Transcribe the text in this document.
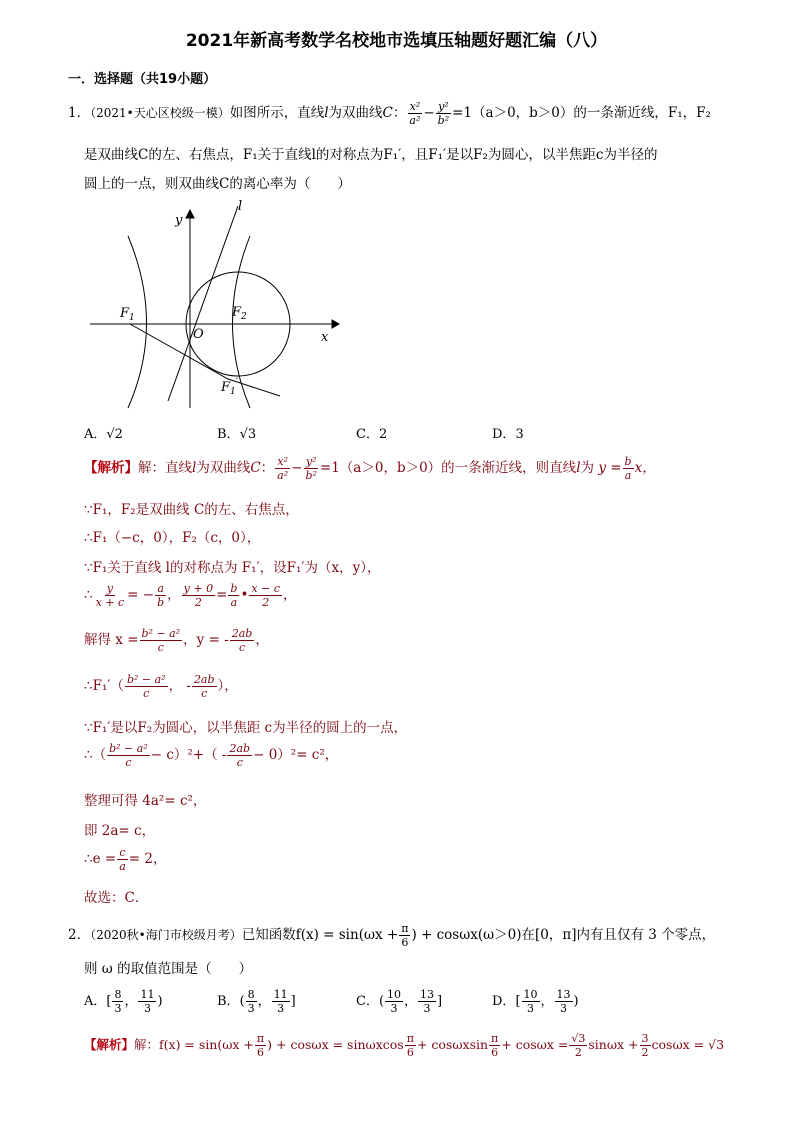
2021年新高考数学名校地市选填压轴题好题汇编（八）
一．选择题（共19小题）
1．（2021•天心区校级一模）如图所示，直线l为双曲线C： $\frac{\text{x²}}{\text{a²}} - \frac{\text{y²}}{\text{b²}} =1(a>0$，b＞0）的一条渐近线，F₁，F₂
是双曲线C的左、右焦点，F₁关于直线l的对称点为F₁′，且F₁′是以F₂为圆心，以半焦距c为半径的
圆上的一点，则双曲线C的离心率为（　　）
y
l
$F_1$	$F_2$
O	x
$F_1'$
A．√2	B．√3	C．2	D．3
【解析】解：直线l为双曲线C： $\frac{\text{x²}}{\text{a²}} - \frac{\text{y²}}{\text{b²}} =1(a>0$，b＞0）的一条渐近线，则直线l为 $y = \frac{b}{a}$ x，
∵F₁，F₂是双曲线 C的左、右焦点，
∴F₁（−c，0），F₂（c，0），
∵F₁关于直线 l的对称点为 F₁′，设F₁′为（x，y），
∴ $\frac{y}{x + c}$ = − $\frac{a}{b}$ ， $\frac{y + 0}{2} = \frac{b}{a}$ • $\frac{x - c}{2}$ ，
解得 $x = \frac{\text{b² − a²}}{c}$ ，y = - $\frac{2ab}{c}$ ，
∴F₁′（ $\frac{\text{b² − a²}}{c}$ ， - $\frac{2ab}{c}$ ），
∵F₁′是以F₂为圆心，以半焦距 c为半径的圆上的一点，
∴（ $\frac{\text{b² − a²}}{c} - c)^2+( - \frac{2ab}{c} - 0)^2= c^2$，
整理可得 4a²= c²，
即 2a= c，
∴e = $\frac{c}{a} = 2$，
故选：C．
2．（2020秋•海门市校级月考）已知函数$f(x) = \sin(\omega x + \frac{\pi}{6}$ ) + cosωx(ω＞0)在[0，π]内有且仅有 3 个零点，
则 ω 的取值范围是（　　）
A．[ $\frac{8}{3}$ ， $\frac{11}{3}$ )	B．( $\frac{8}{3}$ ， $\frac{11}{3}$ ]	C．( $\frac{10}{3}$ ， $\frac{13}{3}$ ]	D．[ $\frac{10}{3}$ ， $\frac{13}{3}$ )
【解析】解：$f(x) = \sin(\omega x + \frac{\pi}{6}$ ) + cosωx = sinωxcos $\frac{\pi}{6} + \cos\omega xsin \frac{\pi}{6} + \cos\omega x = \frac{√3}{2}$ $\sin\omega x + \frac{3}{2}$ cosωx = √3
